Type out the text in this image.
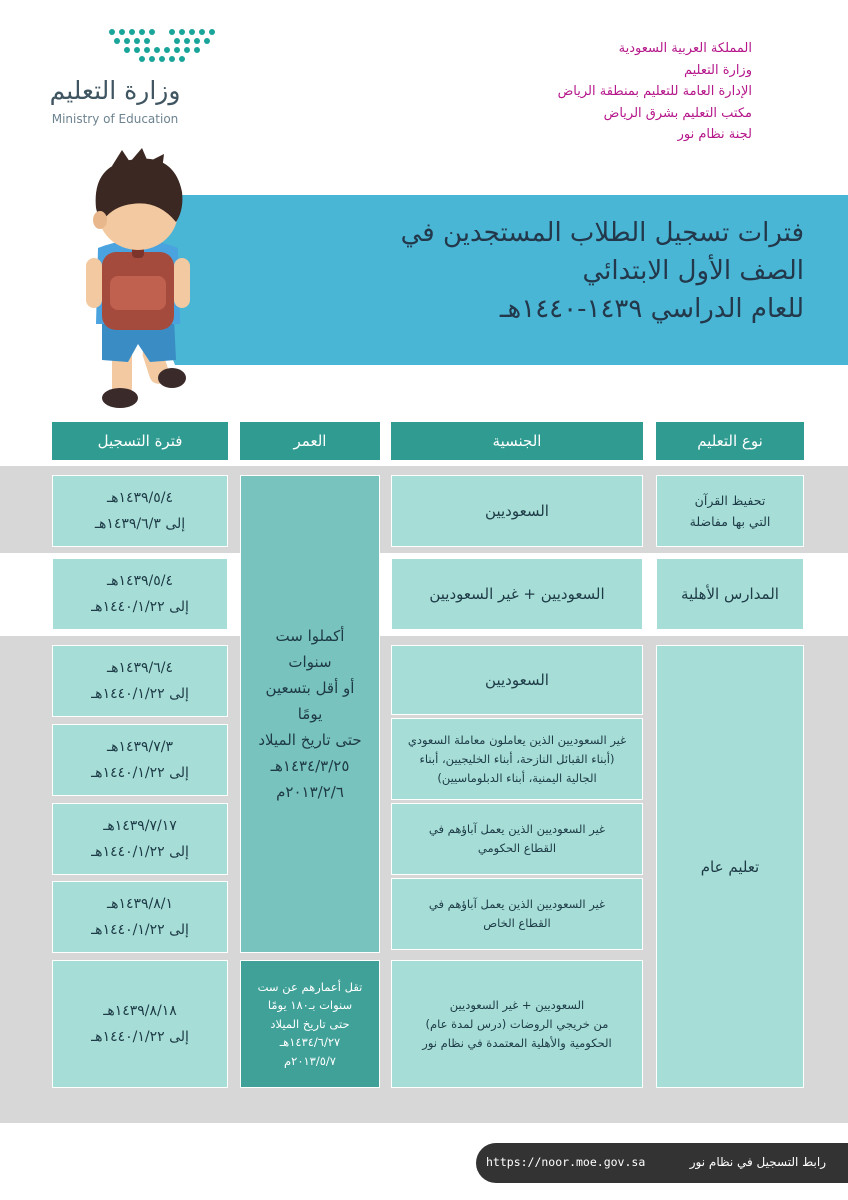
وزارة التعليم
Ministry of Education
المملكة العربية السعودية
وزارة التعليم
الإدارة العامة للتعليم بمنطقة الرياض
مكتب التعليم بشرق الرياض
لجنة نظام نور
فترات تسجيل الطلاب المستجدين في
الصف الأول الابتدائي
للعام الدراسي ١٤٣٩-١٤٤٠هـ
نوع التعليم
الجنسية
العمر
فترة التسجيل
تحفيظ القرآن
التي بها مفاضلة
المدارس الأهلية
تعليم عام
السعوديين
السعوديين + غير السعوديين
السعوديين
غير السعوديين الذين يعاملون معاملة السعودي
(أبناء القبائل النازحة، أبناء الخليجيين، أبناء
الجالية اليمنية، أبناء الدبلوماسيين)
غير السعوديين الذين يعمل آباؤهم في
القطاع الحكومي
غير السعوديين الذين يعمل آباؤهم في
القطاع الخاص
السعوديين + غير السعوديين
من خريجي الروضات (درس لمدة عام)
الحكومية والأهلية المعتمدة في نظام نور
أكملوا ست
سنوات
أو أقل بتسعين
يومًا
حتى تاريخ الميلاد
١٤٣٤/٣/٢٥هـ
٢٠١٣/٢/٦م
تقل أعمارهم عن ست
سنوات بـ١٨٠ يومًا
حتى تاريخ الميلاد
١٤٣٤/٦/٢٧هـ
٢٠١٣/٥/٧م
١٤٣٩/٥/٤هـ
إلى ١٤٣٩/٦/٣هـ
١٤٣٩/٥/٤هـ
إلى ١٤٤٠/١/٢٢هـ
١٤٣٩/٦/٤هـ
إلى ١٤٤٠/١/٢٢هـ
١٤٣٩/٧/٣هـ
إلى ١٤٤٠/١/٢٢هـ
١٤٣٩/٧/١٧هـ
إلى ١٤٤٠/١/٢٢هـ
١٤٣٩/٨/١هـ
إلى ١٤٤٠/١/٢٢هـ
١٤٣٩/٨/١٨هـ
إلى ١٤٤٠/١/٢٢هـ
رابط التسجيل في نظام نور
https://noor.moe.gov.sa
